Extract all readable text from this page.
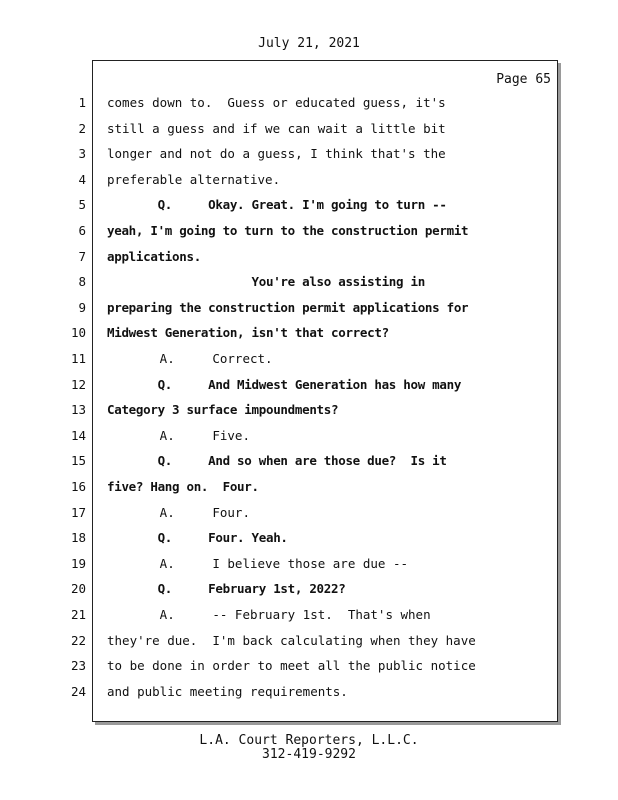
July 21, 2021
Page 65
1 comes down to.  Guess or educated guess, it's
2 still a guess and if we can wait a little bit
3 longer and not do a guess, I think that's the
4 preferable alternative.
5 Q.     Okay. Great. I'm going to turn --
6 yeah, I'm going to turn to the construction permit
7 applications.
8 You're also assisting in
9 preparing the construction permit applications for
10 Midwest Generation, isn't that correct?
11 A.     Correct.
12 Q.     And Midwest Generation has how many
13 Category 3 surface impoundments?
14 A.     Five.
15 Q.     And so when are those due?  Is it
16 five? Hang on.  Four.
17 A.     Four.
18 Q.     Four. Yeah.
19 A.     I believe those are due --
20 Q.     February 1st, 2022?
21 A.     -- February 1st.  That's when
22 they're due.  I'm back calculating when they have
23 to be done in order to meet all the public notice
24 and public meeting requirements.
L.A. Court Reporters, L.L.C.
312-419-9292
